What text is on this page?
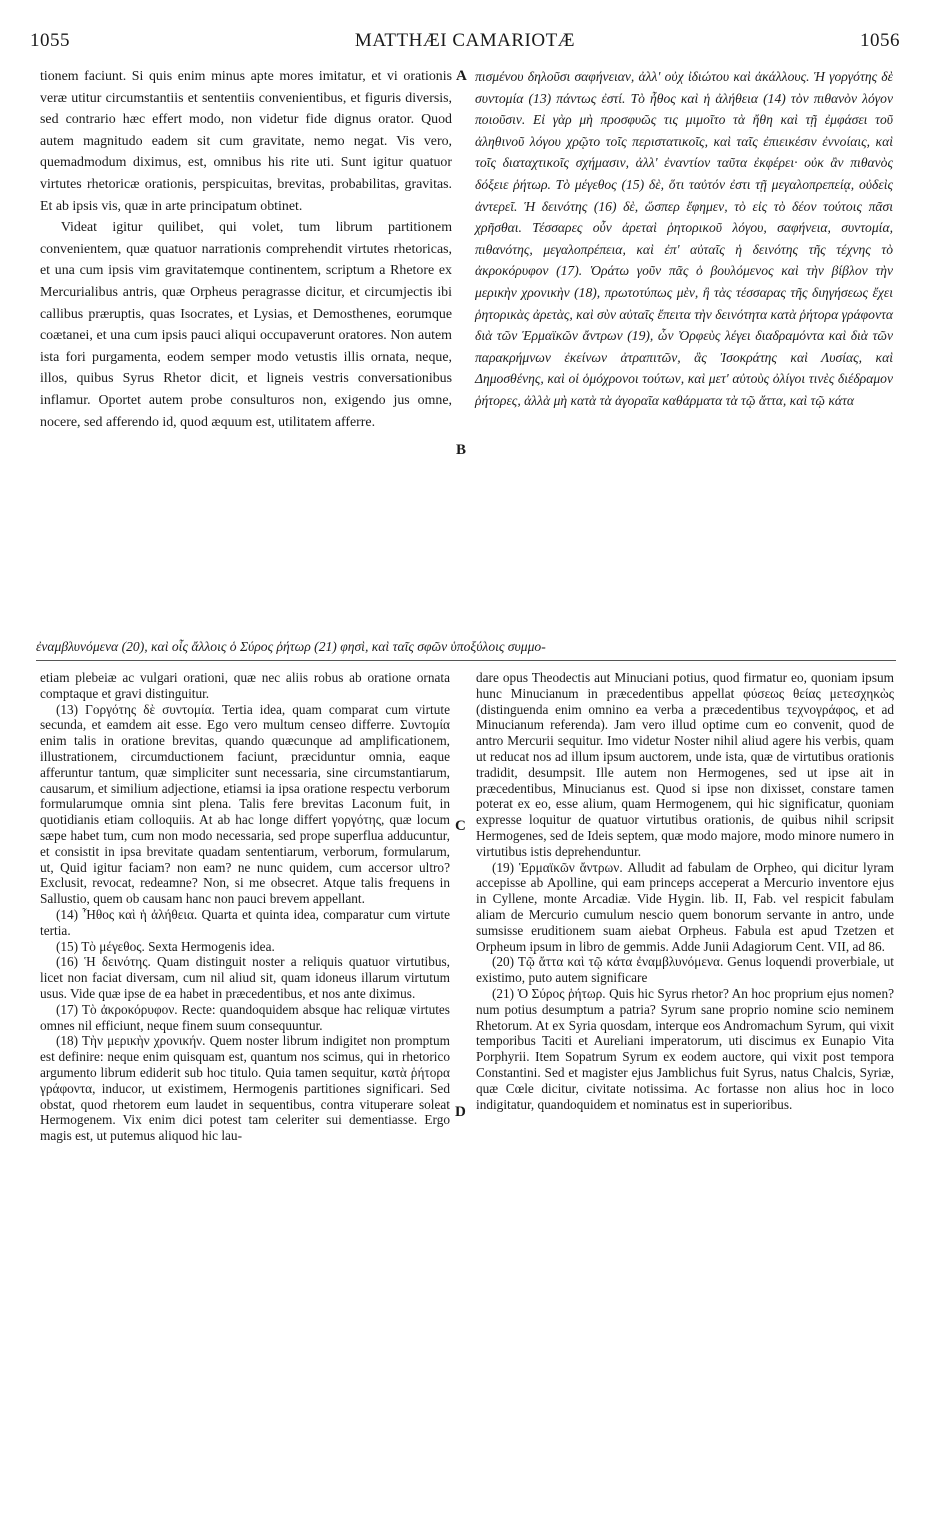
1055	MATTHÆI CAMARIOTÆ	1056

tionem faciunt. Si quis enim minus apte mores imitatur, et vi orationis veræ utitur circumstantiis et sententiis convenientibus, et figuris diversis, sed contrario hæc effert modo, non videtur fide dignus orator. Quod autem magnitudo eadem sit cum gravitate, nemo negat. Vis vero, quemadmodum diximus, est, omnibus his rite uti. Sunt igitur quatuor virtutes rhetoricæ orationis, perspicuitas, brevitas, probabilitas, gravitas. Et ab ipsis vis, quæ in arte principatum obtinet.

Videat igitur quilibet, qui volet, tum librum partitionem convenientem, quæ quatuor narrationis comprehendit virtutes rhetoricas, et una cum ipsis vim gravitatemque continentem, scriptum a Rhetore ex Mercurialibus antris, quæ Orpheus peragrasse dicitur, et circumjectis ibi callibus præruptis, quas Isocrates, et Lysias, et Demosthenes, eorumque coætanei, et una cum ipsis pauci aliqui occupaverunt oratores. Non autem ista fori purgamenta, eodem semper modo vetustis illis ornata, neque, illos, quibus Syrus Rhetor dicit, et ligneis vestris conversationibus inflamur. Oportet autem probe consulturos non, exigendo jus omne, nocere, sed afferendo id, quod æquum est, utilitatem afferre.

A
B

πισμένου δηλοῦσι σαφήνειαν, ἀλλ' οὐχ ἰδιώτου καὶ ἀκάλλους. Ἡ γοργότης δὲ συντομία (13) πάντως ἐστί. Τὸ ἦθος καὶ ἡ ἀλήθεια (14) τὸν πιθανὸν λόγον ποιοῦσιν. Εἰ γὰρ μὴ προσφυῶς τις μιμοῖτο τὰ ἤθη καὶ τῇ ἐμφάσει τοῦ ἀληθινοῦ λόγου χρῷτο τοῖς περιστατικοῖς, καὶ ταῖς ἐπιεικέσιν ἐννοίαις, καὶ τοῖς διαταχτικοῖς σχήμασιν, ἀλλ' ἐναντίον ταῦτα ἐκφέρει· οὐκ ἂν πιθανὸς δόξειε ῥήτωρ. Τὸ μέγεθος (15) δὲ, ὅτι ταὐτόν ἐστι τῇ μεγαλοπρεπείᾳ, οὐδεὶς ἀντερεῖ. Ἡ δεινότης (16) δὲ, ὥσπερ ἔφημεν, τὸ εἰς τὸ δέον τούτοις πᾶσι χρῆσθαι. Τέσσαρες οὖν ἀρεταὶ ῥητορικοῦ λόγου, σαφήνεια, συντομία, πιθανότης, μεγαλοπρέπεια, καὶ ἐπ' αὐταῖς ἡ δεινότης τῆς τέχνης τὸ ἀκροκόρυφον (17). Ὁράτω γοῦν πᾶς ὁ βουλόμενος καὶ τὴν βίβλον τὴν μερικὴν χρονικὴν (18), πρωτοτύπως μὲν, ἢ τὰς τέσσαρας τῆς διηγήσεως ἔχει ῥητορικὰς ἀρετὰς, καὶ σὺν αὐταῖς ἔπειτα τὴν δεινότητα κατὰ ῥήτορα γράφοντα διὰ τῶν Ἑρμαϊκῶν ἄντρων (19), ὧν Ὀρφεὺς λέγει διαδραμόντα καὶ διὰ τῶν παρακρήμνων ἐκείνων ἀτραπιτῶν, ἃς Ἰσοκράτης καὶ Λυσίας, καὶ Δημοσθένης, καὶ οἱ ὁμόχρονοι τούτων, καὶ μετ' αὐτοὺς ὀλίγοι τινὲς διέδραμον ῥήτορες, ἀλλὰ μὴ κατὰ τὰ ἀγοραῖα καθάρματα τὰ τῷ ἄττα, καὶ τῷ κάτα

ἐναμβλυνόμενα (20), καὶ οἷς ἄλλοις ὁ Σύρος ῥήτωρ (21) φησὶ, καὶ ταῖς σφῶν ὑποξύλοις συμμο-

etiam plebeiæ ac vulgari orationi, quæ nec aliis robus ab oratione ornata comptaque et gravi distinguitur.

(13) Γοργότης δὲ συντομία. Tertia idea, quam comparat cum virtute secunda, et eamdem ait esse. Ego vero multum censeo differre. Συντομία enim talis in oratione brevitas, quando quæcunque ad amplificationem, illustrationem, circumductionem faciunt, præciduntur omnia, eaque afferuntur tantum, quæ simpliciter sunt necessaria, sine circumstantiarum, causarum, et similium adjectione, etiamsi ia ipsa oratione respectu verborum formularumque omnia sint plena. Talis fere brevitas Laconum fuit, in quotidianis etiam colloquiis. At ab hac longe differt γοργότης, quæ locum sæpe habet tum, cum non modo necessaria, sed prope superflua adducuntur, et consistit in ipsa brevitate quadam sententiarum, verborum, formularum, ut, Quid igitur faciam? non eam? ne nunc quidem, cum accersor ultro? Exclusit, revocat, redeamne? Non, si me obsecret. Atque talis frequens in Sallustio, quem ob causam hanc non pauci brevem appellant.

(14) Ἦθος καὶ ἡ ἀλήθεια. Quarta et quinta idea, comparatur cum virtute tertia.

(15) Τὸ μέγεθος. Sexta Hermogenis idea.

(16) Ἡ δεινότης. Quam distinguit noster a reliquis quatuor virtutibus, licet non faciat diversam, cum nil aliud sit, quam idoneus illarum virtutum usus. Vide quæ ipse de ea habet in præcedentibus, et nos ante diximus.

(17) Τὸ ἀκροκόρυφον. Recte: quandoquidem absque hac reliquæ virtutes omnes nil efficiunt, neque finem suum consequuntur.

(18) Τὴν μερικὴν χρονικήν. Quem noster librum indigitet non promptum est definire: neque enim quisquam est, quantum nos scimus, qui in rhetorico argumento librum ediderit sub hoc titulo. Quia tamen sequitur, κατὰ ῥήτορα γράφοντα, inducor, ut existimem, Hermogenis partitiones significari. Sed obstat, quod rhetorem eum laudet in sequentibus, contra vituperare soleat Hermogenem. Vix enim dici potest tam celeriter sui dementiasse. Ergo magis est, ut putemus aliquod hic lau-

C
D

dare opus Theodectis aut Minuciani potius, quod firmatur eo, quoniam ipsum hunc Minucianum in præcedentibus appellat φύσεως θείας μετεσχηκὼς (distinguenda enim omnino ea verba a præcedentibus τεχνογράφος, et ad Minucianum referenda). Jam vero illud optime cum eo convenit, quod de antro Mercurii sequitur. Imo videtur Noster nihil aliud agere his verbis, quam ut reducat nos ad illum ipsum auctorem, unde ista, quæ de virtutibus orationis tradidit, desumpsit. Ille autem non Hermogenes, sed ut ipse ait in præcedentibus, Minucianus est. Quod si ipse non dixisset, constare tamen poterat ex eo, esse alium, quam Hermogenem, qui hic significatur, quoniam expresse loquitur de quatuor virtutibus orationis, de quibus nihil scripsit Hermogenes, sed de Ideis septem, quæ modo majore, modo minore numero in virtutibus istis deprehenduntur.

(19) Ἑρμαϊκῶν ἄντρων. Alludit ad fabulam de Orpheo, qui dicitur lyram accepisse ab Apolline, qui eam princeps acceperat a Mercurio inventore ejus in Cyllene, monte Arcadiæ. Vide Hygin. lib. II, Fab. vel respicit fabulam aliam de Mercurio cumulum nescio quem bonorum servante in antro, unde sumsisse eruditionem suam aiebat Orpheus. Fabula est apud Tzetzen et Orpheum ipsum in libro de gemmis. Adde Junii Adagiorum Cent. VII, ad 86.

(20) Τῷ ἄττα καὶ τῷ κάτα ἐναμβλυνόμενα. Genus loquendi proverbiale, ut existimo, puto autem significare

(21) Ὁ Σύρος ῥήτωρ. Quis hic Syrus rhetor? An hoc proprium ejus nomen? num potius desumptum a patria? Syrum sane proprio nomine scio neminem Rhetorum. At ex Syria quosdam, interque eos Andromachum Syrum, qui vixit temporibus Taciti et Aureliani imperatorum, uti discimus ex Eunapio Vita Porphyrii. Item Sopatrum Syrum ex eodem auctore, qui vixit post tempora Constantini. Sed et magister ejus Jamblichus fuit Syrus, natus Chalcis, Syriæ, quæ Cœle dicitur, civitate notissima. Ac fortasse non alius hoc in loco indigitatur, quandoquidem et nominatus est in superioribus.
